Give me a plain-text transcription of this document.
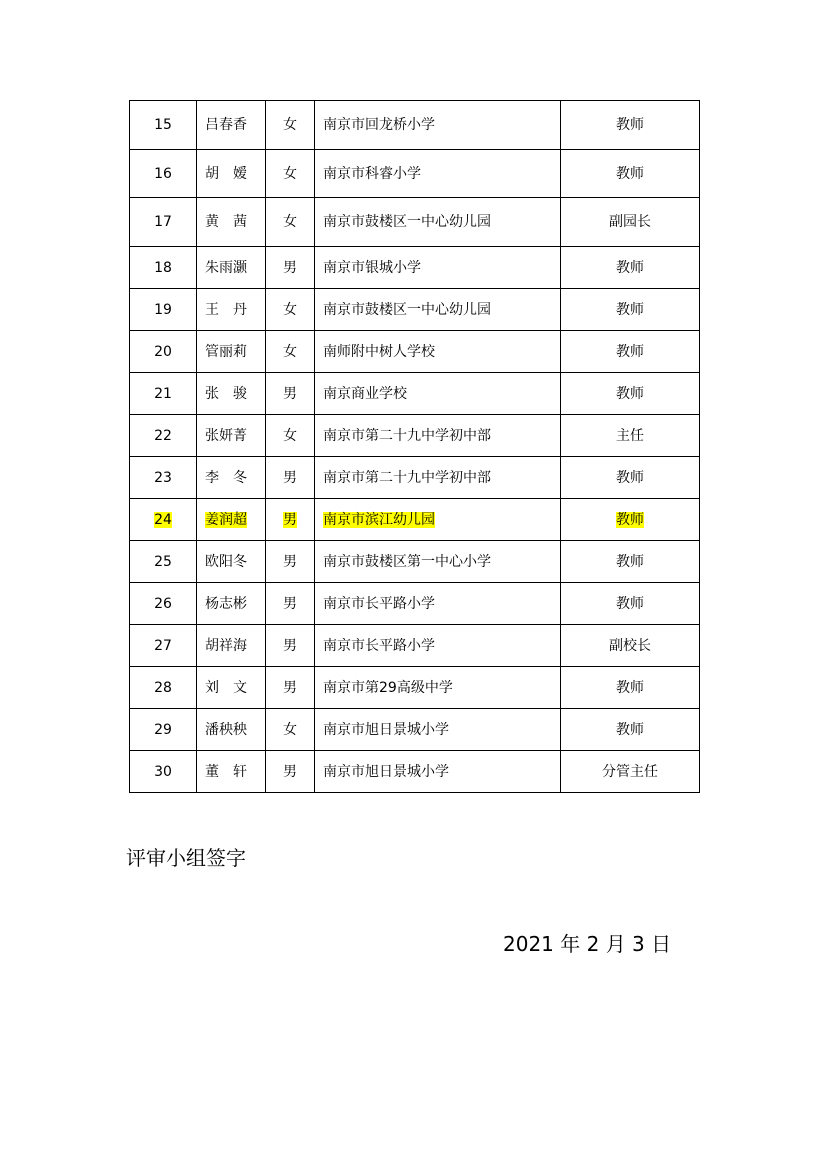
15	吕春香	女	南京市回龙桥小学	教师
16	胡　嫒	女	南京市科睿小学	教师
17	黄　茜	女	南京市鼓楼区一中心幼儿园	副园长
18	朱雨灏	男	南京市银城小学	教师
19	王　丹	女	南京市鼓楼区一中心幼儿园	教师
20	管丽莉	女	南师附中树人学校	教师
21	张　骏	男	南京商业学校	教师
22	张妍菁	女	南京市第二十九中学初中部	主任
23	李　冬	男	南京市第二十九中学初中部	教师
24	姜润超	男	南京市滨江幼儿园	教师
25	欧阳冬	男	南京市鼓楼区第一中心小学	教师
26	杨志彬	男	南京市长平路小学	教师
27	胡祥海	男	南京市长平路小学	副校长
28	刘　文	男	南京市第29高级中学	教师
29	潘秧秧	女	南京市旭日景城小学	教师
30	董　轩	男	南京市旭日景城小学	分管主任
评审小组签字
2021 年 2 月 3 日
